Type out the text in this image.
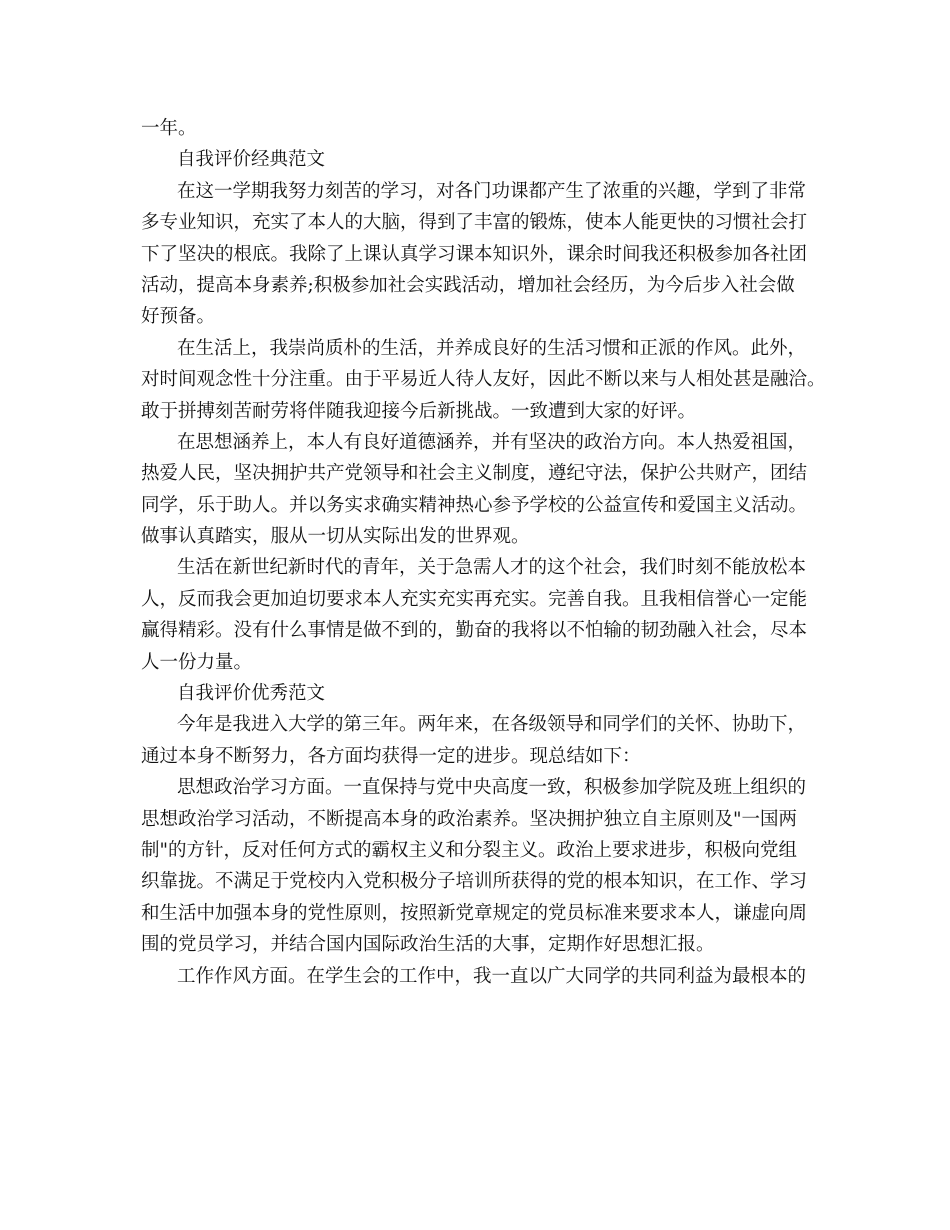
一年。
自我评价经典范文
在这一学期我努力刻苦的学习，对各门功课都产生了浓重的兴趣，学到了非常
多专业知识，充实了本人的大脑，得到了丰富的锻炼，使本人能更快的习惯社会打
下了坚决的根底。我除了上课认真学习课本知识外，课余时间我还积极参加各社团
活动，提高本身素养;积极参加社会实践活动，增加社会经历，为今后步入社会做
好预备。
在生活上，我崇尚质朴的生活，并养成良好的生活习惯和正派的作风。此外，
对时间观念性十分注重。由于平易近人待人友好，因此不断以来与人相处甚是融洽。
敢于拼搏刻苦耐劳将伴随我迎接今后新挑战。一致遭到大家的好评。
在思想涵养上，本人有良好道德涵养，并有坚决的政治方向。本人热爱祖国，
热爱人民，坚决拥护共产党领导和社会主义制度，遵纪守法，保护公共财产，团结
同学，乐于助人。并以务实求确实精神热心参予学校的公益宣传和爱国主义活动。
做事认真踏实，服从一切从实际出发的世界观。
生活在新世纪新时代的青年，关于急需人才的这个社会，我们时刻不能放松本
人，反而我会更加迫切要求本人充实充实再充实。完善自我。且我相信誉心一定能
赢得精彩。没有什么事情是做不到的，勤奋的我将以不怕输的韧劲融入社会，尽本
人一份力量。
自我评价优秀范文
今年是我进入大学的第三年。两年来，在各级领导和同学们的关怀、协助下，
通过本身不断努力，各方面均获得一定的进步。现总结如下：
思想政治学习方面。一直保持与党中央高度一致，积极参加学院及班上组织的
思想政治学习活动，不断提高本身的政治素养。坚决拥护独立自主原则及"一国两
制"的方针，反对任何方式的霸权主义和分裂主义。政治上要求进步，积极向党组
织靠拢。不满足于党校内入党积极分子培训所获得的党的根本知识，在工作、学习
和生活中加强本身的党性原则，按照新党章规定的党员标准来要求本人，谦虚向周
围的党员学习，并结合国内国际政治生活的大事，定期作好思想汇报。
工作作风方面。在学生会的工作中，我一直以广大同学的共同利益为最根本的
